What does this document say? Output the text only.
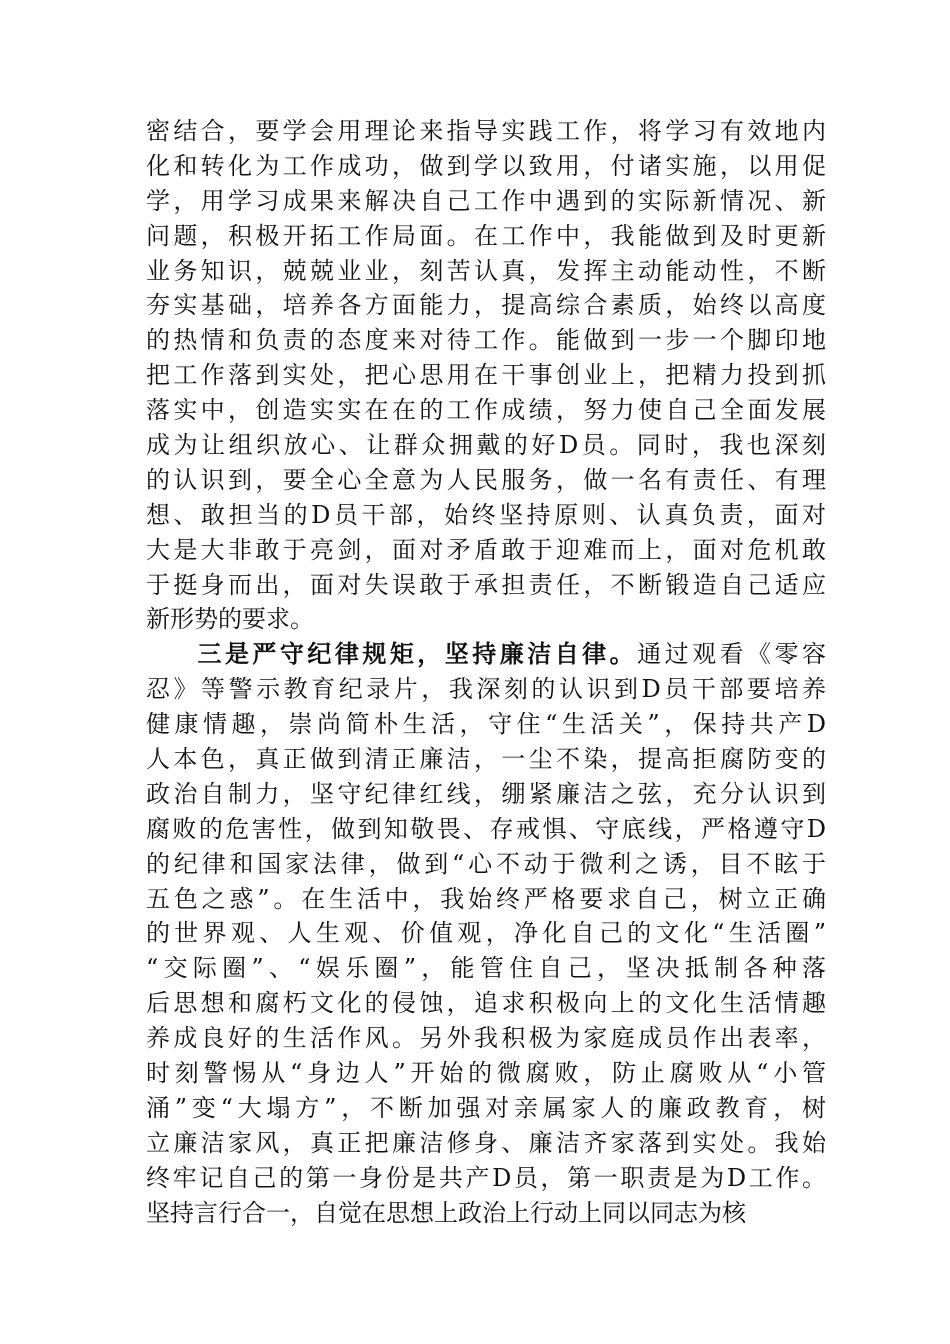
密结合，要学会用理论来指导实践工作，将学习有效地内
化和转化为工作成功，做到学以致用，付诸实施，以用促
学，用学习成果来解决自己工作中遇到的实际新情况、新
问题，积极开拓工作局面。在工作中，我能做到及时更新
业务知识，兢兢业业，刻苦认真，发挥主动能动性，不断
夯实基础，培养各方面能力，提高综合素质，始终以高度
的热情和负责的态度来对待工作。能做到一步一个脚印地
把工作落到实处，把心思用在干事创业上，把精力投到抓
落实中，创造实实在在的工作成绩，努力使自己全面发展
成为让组织放心、让群众拥戴的好D员。同时，我也深刻
的认识到，要全心全意为人民服务，做一名有责任、有理
想、敢担当的D员干部，始终坚持原则、认真负责，面对
大是大非敢于亮剑，面对矛盾敢于迎难而上，面对危机敢
于挺身而出，面对失误敢于承担责任，不断锻造自己适应
新形势的要求。
三是严守纪律规矩，坚持廉洁自律。通过观看《零容
忍》等警示教育纪录片，我深刻的认识到D员干部要培养
健康情趣，崇尚简朴生活，守住“生活关”，保持共产D
人本色，真正做到清正廉洁，一尘不染，提高拒腐防变的
政治自制力，坚守纪律红线，绷紧廉洁之弦，充分认识到
腐败的危害性，做到知敬畏、存戒惧、守底线，严格遵守D
的纪律和国家法律，做到“心不动于微利之诱，目不眩于
五色之惑”。在生活中，我始终严格要求自己，树立正确
的世界观、人生观、价值观，净化自己的文化“生活圈”
“交际圈”、“娱乐圈”，能管住自己，坚决抵制各种落
后思想和腐朽文化的侵蚀，追求积极向上的文化生活情趣
养成良好的生活作风。另外我积极为家庭成员作出表率，
时刻警惕从“身边人”开始的微腐败，防止腐败从“小管
涌”变“大塌方”，不断加强对亲属家人的廉政教育，树
立廉洁家风，真正把廉洁修身、廉洁齐家落到实处。我始
终牢记自己的第一身份是共产D员，第一职责是为D工作。
坚持言行合一，自觉在思想上政治上行动上同以同志为核
